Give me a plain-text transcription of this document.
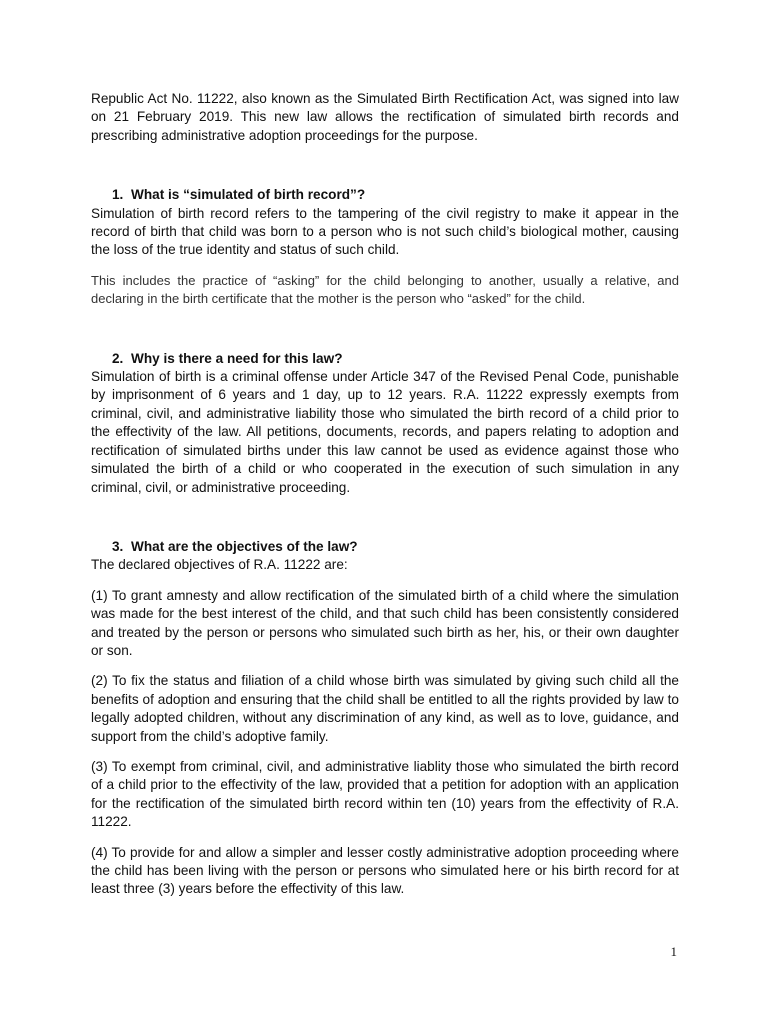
Republic Act No. 11222, also known as the Simulated Birth Rectification Act, was signed into law on 21 February 2019. This new law allows the rectification of simulated birth records and prescribing administrative adoption proceedings for the purpose.

1. What is “simulated of birth record”?

Simulation of birth record refers to the tampering of the civil registry to make it appear in the record of birth that child was born to a person who is not such child’s biological mother, causing the loss of the true identity and status of such child.

This includes the practice of “asking” for the child belonging to another, usually a relative, and declaring in the birth certificate that the mother is the person who “asked” for the child.

2. Why is there a need for this law?

Simulation of birth is a criminal offense under Article 347 of the Revised Penal Code, punishable by imprisonment of 6 years and 1 day, up to 12 years. R.A. 11222 expressly exempts from criminal, civil, and administrative liability those who simulated the birth record of a child prior to the effectivity of the law. All petitions, documents, records, and papers relating to adoption and rectification of simulated births under this law cannot be used as evidence against those who simulated the birth of a child or who cooperated in the execution of such simulation in any criminal, civil, or administrative proceeding.

3. What are the objectives of the law?

The declared objectives of R.A. 11222 are:

(1) To grant amnesty and allow rectification of the simulated birth of a child where the simulation was made for the best interest of the child, and that such child has been consistently considered and treated by the person or persons who simulated such birth as her, his, or their own daughter or son.

(2) To fix the status and filiation of a child whose birth was simulated by giving such child all the benefits of adoption and ensuring that the child shall be entitled to all the rights provided by law to legally adopted children, without any discrimination of any kind, as well as to love, guidance, and support from the child’s adoptive family.

(3) To exempt from criminal, civil, and administrative liablity those who simulated the birth record of a child prior to the effectivity of the law, provided that a petition for adoption with an application for the rectification of the simulated birth record within ten (10) years from the effectivity of R.A. 11222.

(4) To provide for and allow a simpler and lesser costly administrative adoption proceeding where the child has been living with the person or persons who simulated here or his birth record for at least three (3) years before the effectivity of this law.

1
